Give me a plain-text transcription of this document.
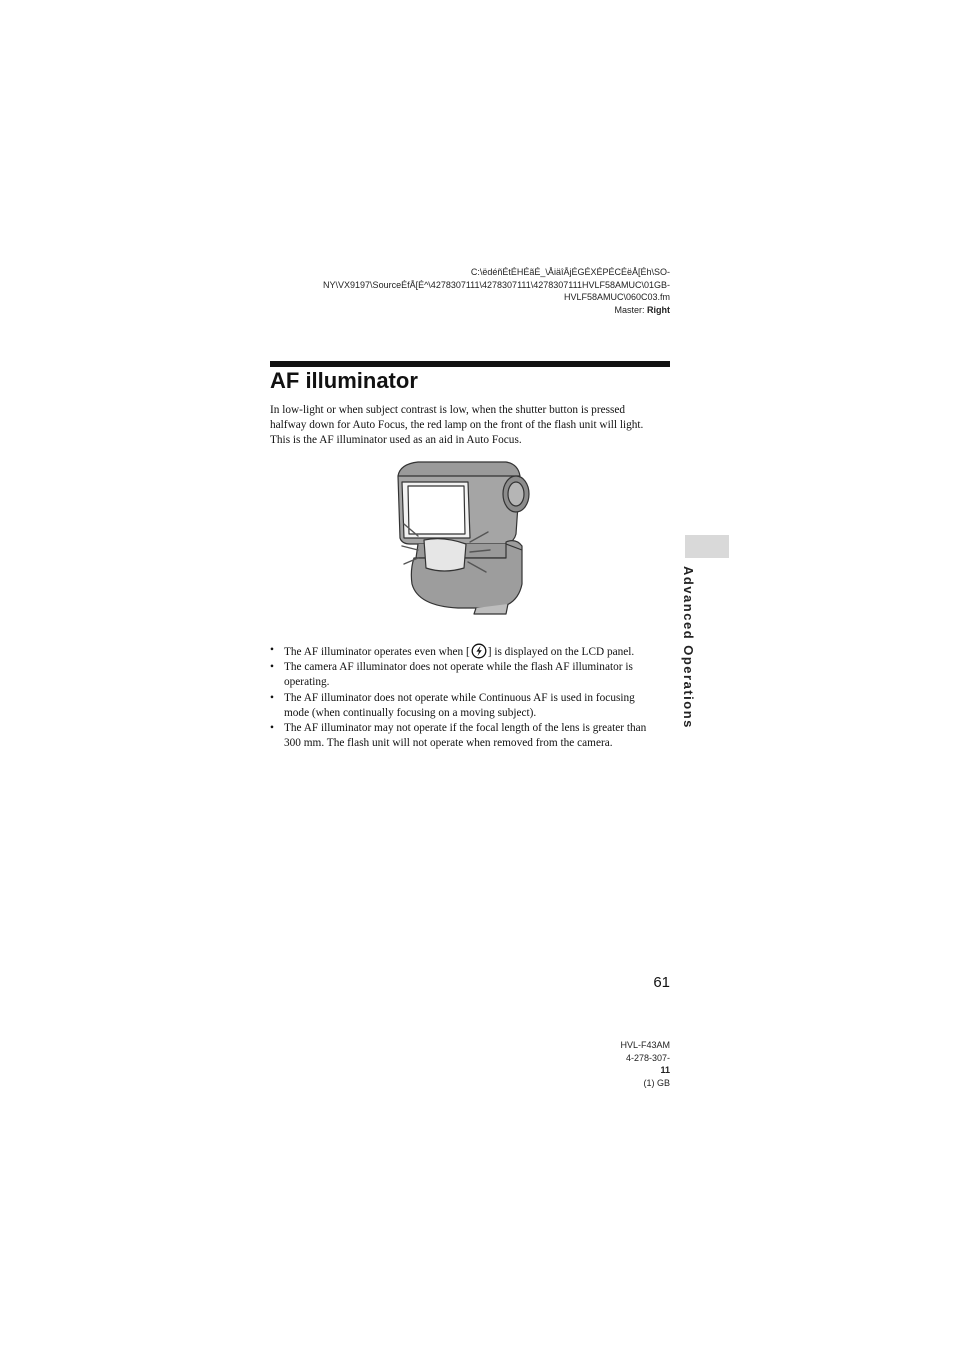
C:\ëdéñÉtÉHÉãÉ_\ÅiäîÅjÉGÉXÉPÉCÉëÅ[Éh\SO-
NY\VX9197\SourceÉfÅ[É^\4278307111\4278307111\4278307111HVLF58AMUC\01GB-
HVLF58AMUC\060C03.fm
Master: Right
AF illuminator

In low-light or when subject contrast is low, when the shutter button is pressed
halfway down for Auto Focus, the red lamp on the front of the flash unit will light.
This is the AF illuminator used as an aid in Auto Focus.

• The AF illuminator operates even when [ ] is displayed on the LCD panel.
• The camera AF illuminator does not operate while the flash AF illuminator is
operating.
• The AF illuminator does not operate while Continuous AF is used in focusing
mode (when continually focusing on a moving subject).
• The AF illuminator may not operate if the focal length of the lens is greater than
300 mm. The flash unit will not operate when removed from the camera.
Advanced Operations
61
HVL-F43AM
4-278-307-
11
(1) GB
